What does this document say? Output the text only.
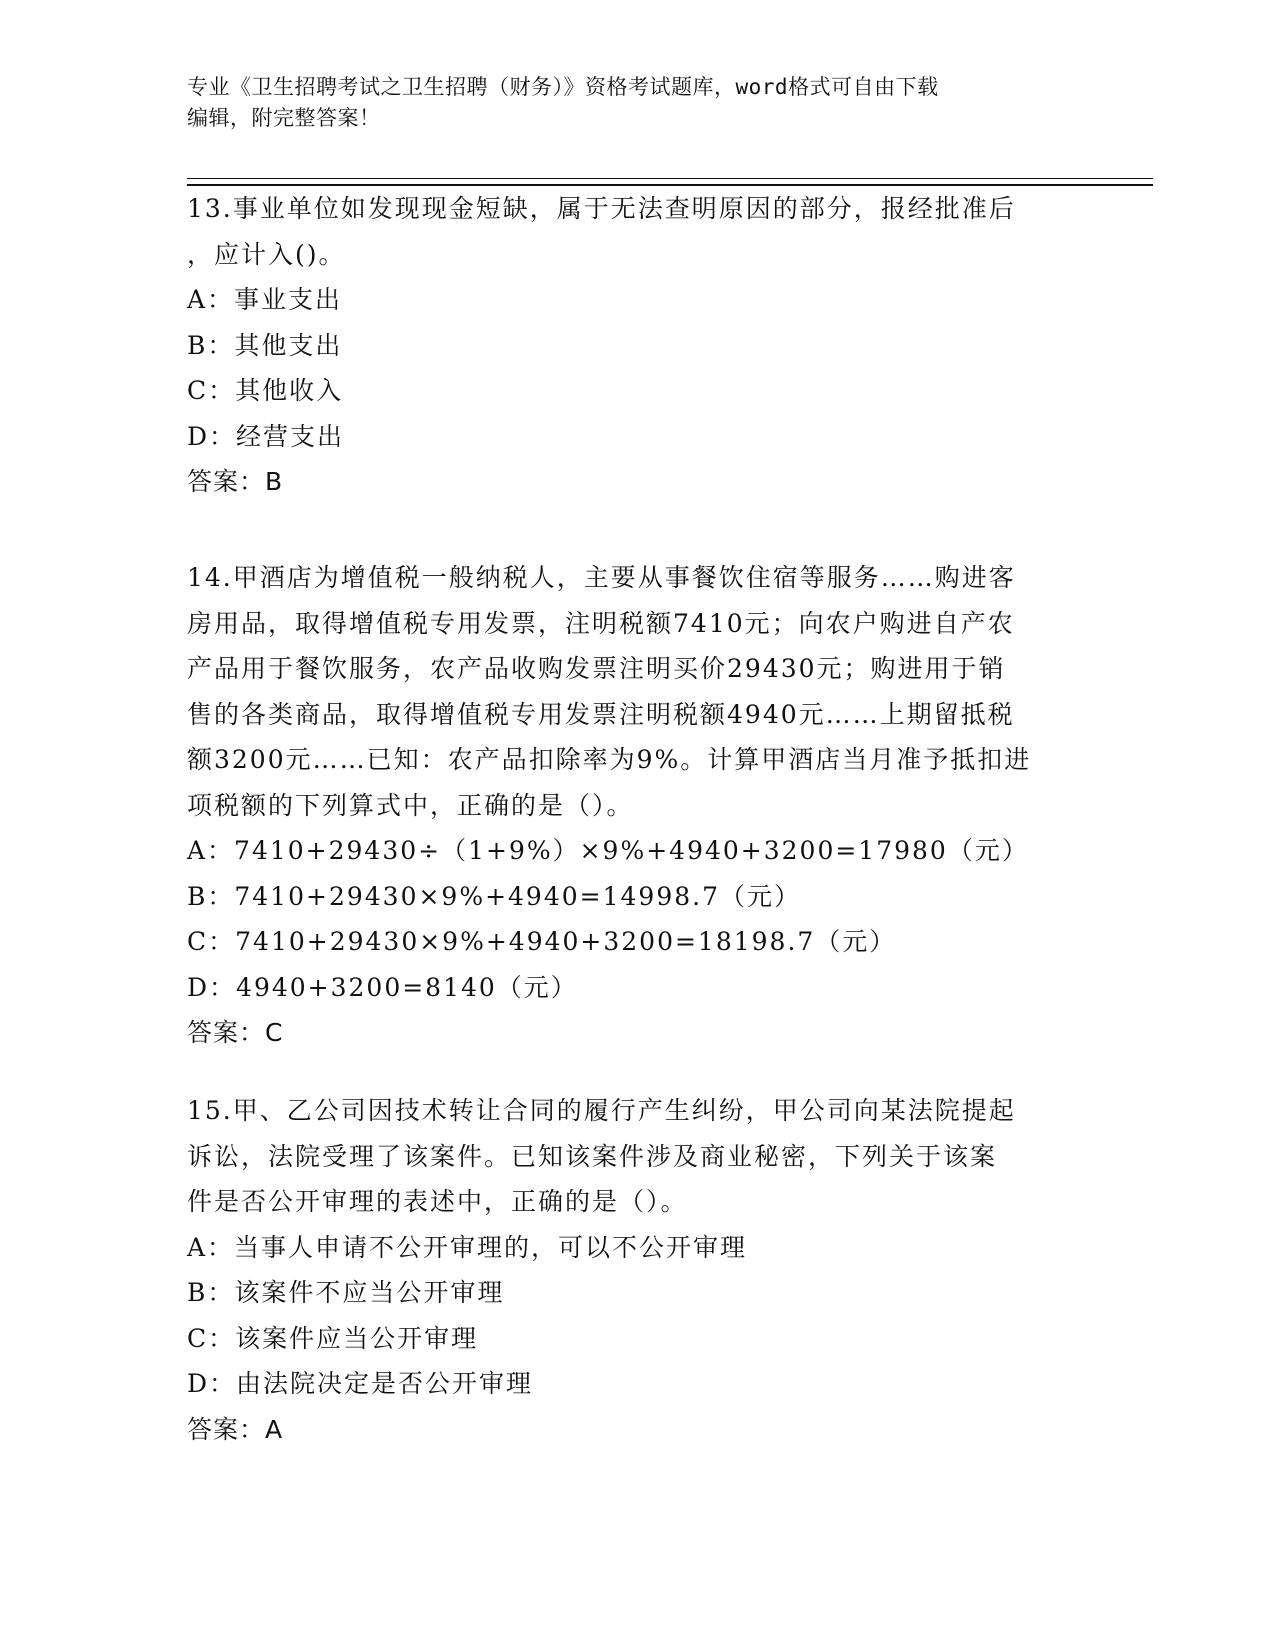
专业《卫生招聘考试之卫生招聘（财务）》资格考试题库，word格式可自由下载
编辑，附完整答案！
13.事业单位如发现现金短缺，属于无法查明原因的部分，报经批准后
，应计入()。
A：事业支出
B：其他支出
C：其他收入
D：经营支出
答案：B
14.甲酒店为增值税一般纳税人，主要从事餐饮住宿等服务……购进客
房用品，取得增值税专用发票，注明税额7410元；向农户购进自产农
产品用于餐饮服务，农产品收购发票注明买价29430元；购进用于销
售的各类商品，取得增值税专用发票注明税额4940元……上期留抵税
额3200元……已知：农产品扣除率为9%。计算甲酒店当月准予抵扣进
项税额的下列算式中，正确的是（）。
A：7410+29430÷（1+9%）×9%+4940+3200=17980（元）
B：7410+29430×9%+4940=14998.7（元）
C：7410+29430×9%+4940+3200=18198.7（元）
D：4940+3200=8140（元）
答案：C
15.甲、乙公司因技术转让合同的履行产生纠纷，甲公司向某法院提起
诉讼，法院受理了该案件。已知该案件涉及商业秘密，下列关于该案
件是否公开审理的表述中，正确的是（）。
A：当事人申请不公开审理的，可以不公开审理
B：该案件不应当公开审理
C：该案件应当公开审理
D：由法院决定是否公开审理
答案：A
